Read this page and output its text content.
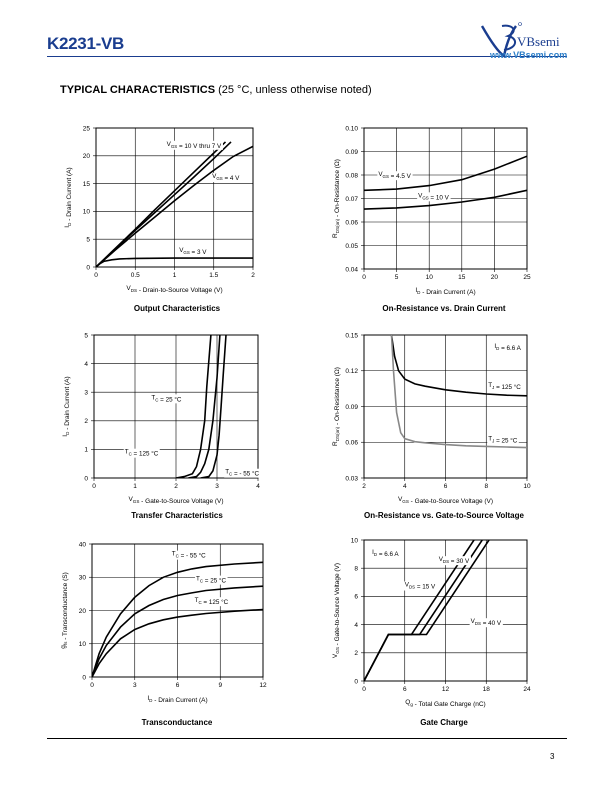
K2231-VB	VBsemi
www.VBsemi.com
TYPICAL CHARACTERISTICS (25 °C, unless otherwise noted)
0	0.5	1	1.5	2
0
5
10
15
20
25
$V_{DS}$ - Drain-to-Source Voltage (V)
$I_D$ - Drain Current (A)
$V_{GS} = 10$ V thru 7 V
$V_{GS} = 4$ V
$V_{GS} = 3$ V
0	5	10	15	20	25
0.04
0.05
0.06
0.07
0.08
0.09
0.10
$I_D$ - Drain Current (A)
$R_{DS(on)}$ - On-Resistance (Ω)	$V_{GS} = 4.5$ V
$V_{GS} = 10$ V
0	1	2	3	4
0
1
2
3
4
5
$V_{GS}$ - Gate-to-Source Voltage (V)
$I_D$ - Drain Current (A)	$T_C = 25$ °C
$T_C = 125$ °C
$T_C$ = - 55 °C
2	4	6	8	10
0.03
0.06
0.09
0.12
0.15
$V_{GS}$ - Gate-to-Source Voltage (V)
$R_{DS(on)}$ - On-Resistance (Ω)	$T_J = 125$ °C
$T_J = 25$ °C
$I_D = 6.6$ A
0	3	6	9	12
0
10
20
30
40
$I_D$ - Drain Current (A)
$g_{fs}$ - Transconductance (S)
$T_C$ = - 55 °C
$T_C = 25$ °C
$T_C = 125$ °C
0	6	12	18	24
0
2
4
6
8
10
$Q_g$ - Total Gate Charge (nC)
$V_{GS}$ - Gate-to-Source Voltage (V)
$V_{DS} = 30$ V
$V_{DS} = 15$ V
$V_{DS} = 40$ V
$I_D = 6.6$ A
Output Characteristics	On-Resistance vs. Drain Current
Transfer Characteristics	On-Resistance vs. Gate-to-Source Voltage
Transconductance	Gate Charge
3
